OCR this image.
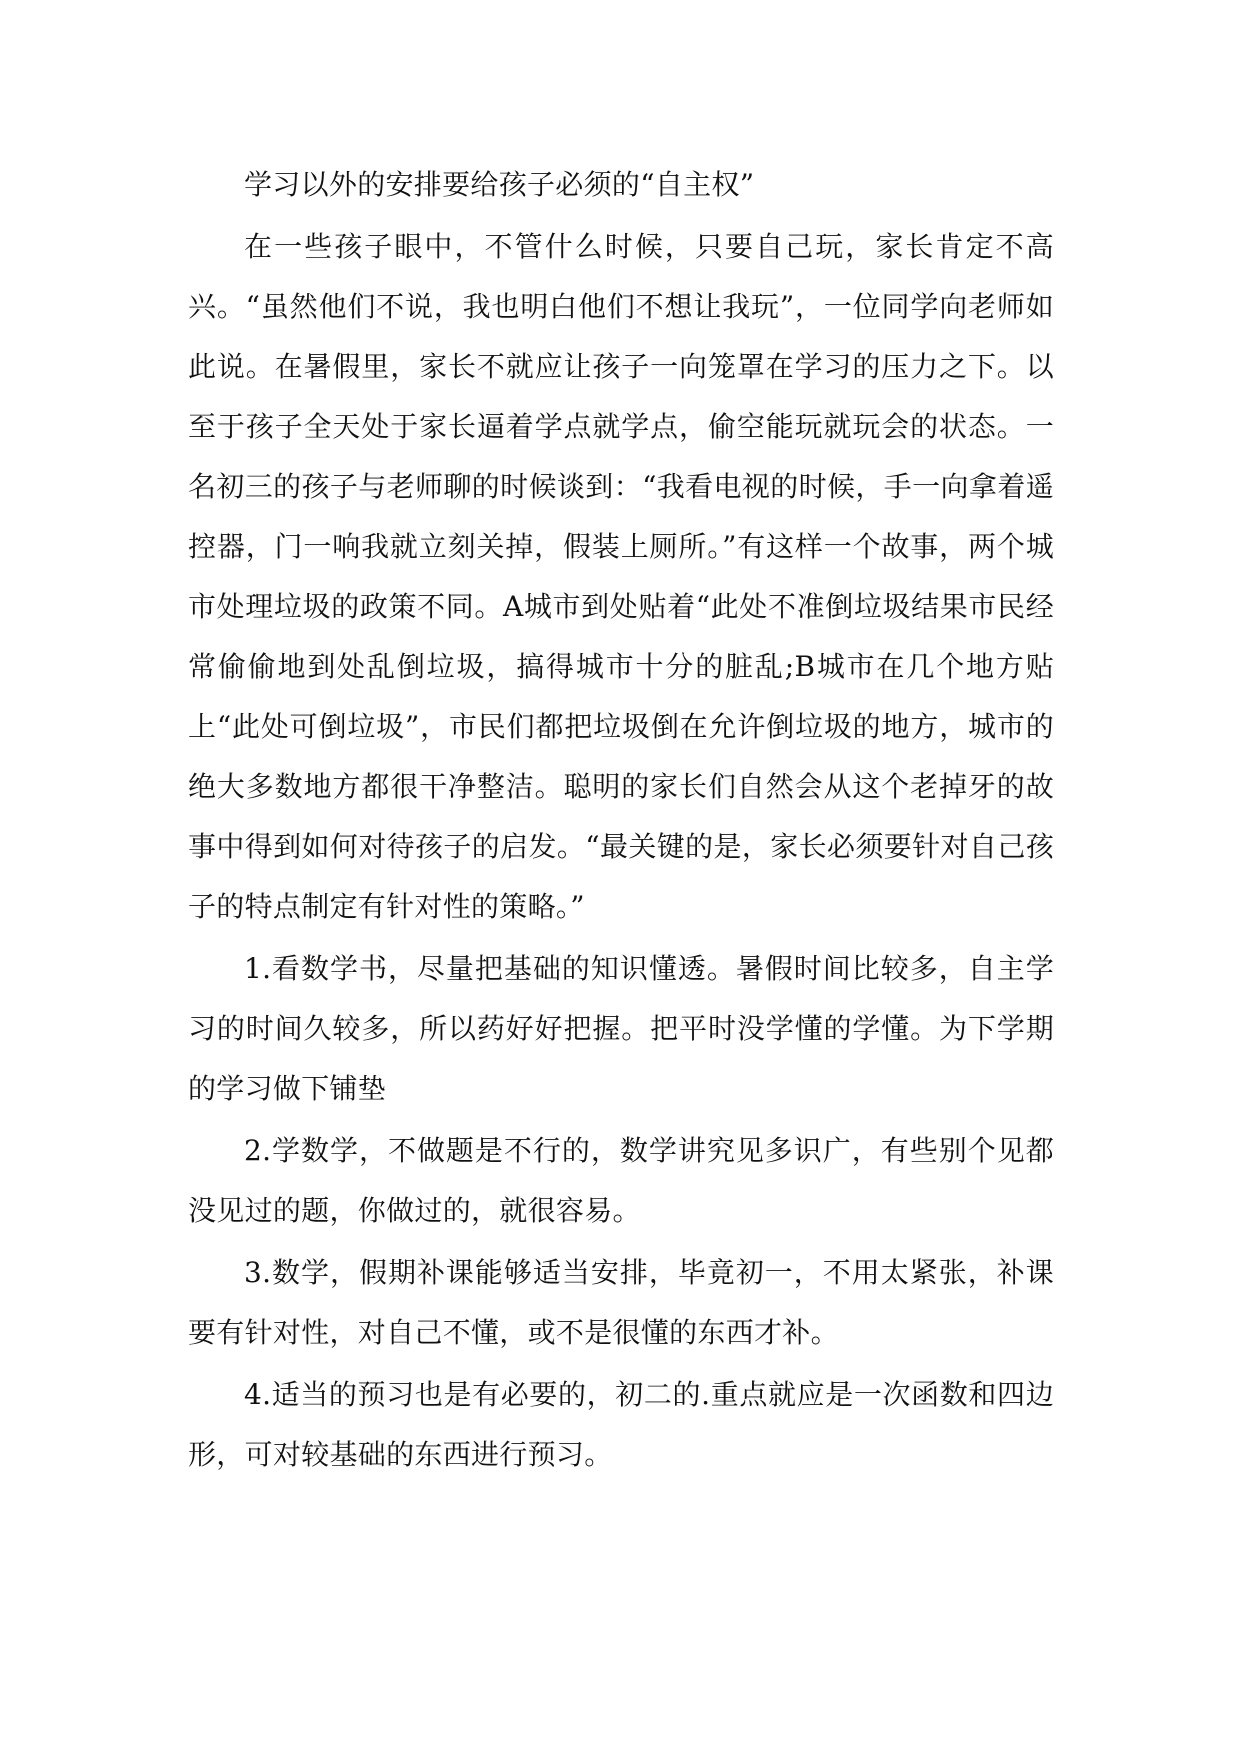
学习以外的安排要给孩子必须的“自主权”

在一些孩子眼中，不管什么时候，只要自己玩，家长肯定不高兴。“虽然他们不说，我也明白他们不想让我玩”，一位同学向老师如此说。在暑假里，家长不就应让孩子一向笼罩在学习的压力之下。以至于孩子全天处于家长逼着学点就学点，偷空能玩就玩会的状态。一名初三的孩子与老师聊的时候谈到：“我看电视的时候，手一向拿着遥控器，门一响我就立刻关掉，假装上厕所。”有这样一个故事，两个城市处理垃圾的政策不同。A城市到处贴着“此处不准倒垃圾结果市民经常偷偷地到处乱倒垃圾，搞得城市十分的脏乱;B城市在几个地方贴上“此处可倒垃圾”，市民们都把垃圾倒在允许倒垃圾的地方，城市的绝大多数地方都很干净整洁。聪明的家长们自然会从这个老掉牙的故事中得到如何对待孩子的启发。“最关键的是，家长必须要针对自己孩子的特点制定有针对性的策略。”

1.看数学书，尽量把基础的知识懂透。暑假时间比较多，自主学习的时间久较多，所以药好好把握。把平时没学懂的学懂。为下学期的学习做下铺垫

2.学数学，不做题是不行的，数学讲究见多识广，有些别个见都没见过的题，你做过的，就很容易。

3.数学，假期补课能够适当安排，毕竟初一，不用太紧张，补课要有针对性，对自己不懂，或不是很懂的东西才补。

4.适当的预习也是有必要的，初二的.重点就应是一次函数和四边形，可对较基础的东西进行预习。
